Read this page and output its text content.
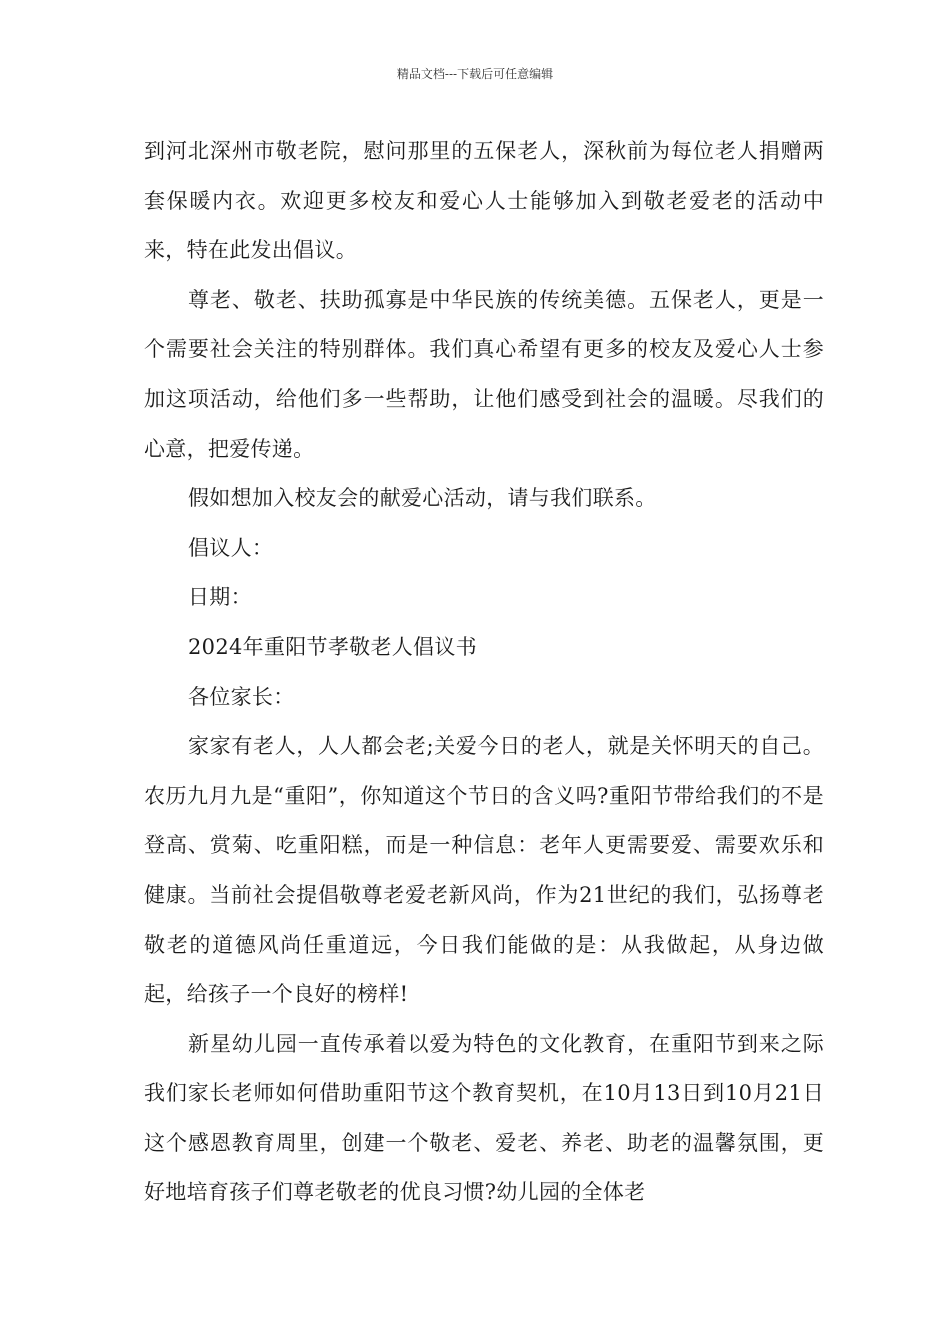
精品文档---下载后可任意编辑

到河北深州市敬老院，慰问那里的五保老人，深秋前为每位老人捐赠两套保暖内衣。欢迎更多校友和爱心人士能够加入到敬老爱老的活动中来，特在此发出倡议。

尊老、敬老、扶助孤寡是中华民族的传统美德。五保老人，更是一个需要社会关注的特别群体。我们真心希望有更多的校友及爱心人士参加这项活动，给他们多一些帮助，让他们感受到社会的温暖。尽我们的心意，把爱传递。

假如想加入校友会的献爱心活动，请与我们联系。

倡议人：

日期：

2024年重阳节孝敬老人倡议书

各位家长：

家家有老人，人人都会老;关爱今日的老人，就是关怀明天的自己。农历九月九是“重阳”，你知道这个节日的含义吗?重阳节带给我们的不是登高、赏菊、吃重阳糕，而是一种信息：老年人更需要爱、需要欢乐和健康。当前社会提倡敬尊老爱老新风尚，作为21世纪的我们，弘扬尊老敬老的道德风尚任重道远，今日我们能做的是：从我做起，从身边做起，给孩子一个良好的榜样!

新星幼儿园一直传承着以爱为特色的文化教育，在重阳节到来之际我们家长老师如何借助重阳节这个教育契机，在10月13日到10月21日这个感恩教育周里，创建一个敬老、爱老、养老、助老的温馨氛围，更好地培育孩子们尊老敬老的优良习惯?幼儿园的全体老
